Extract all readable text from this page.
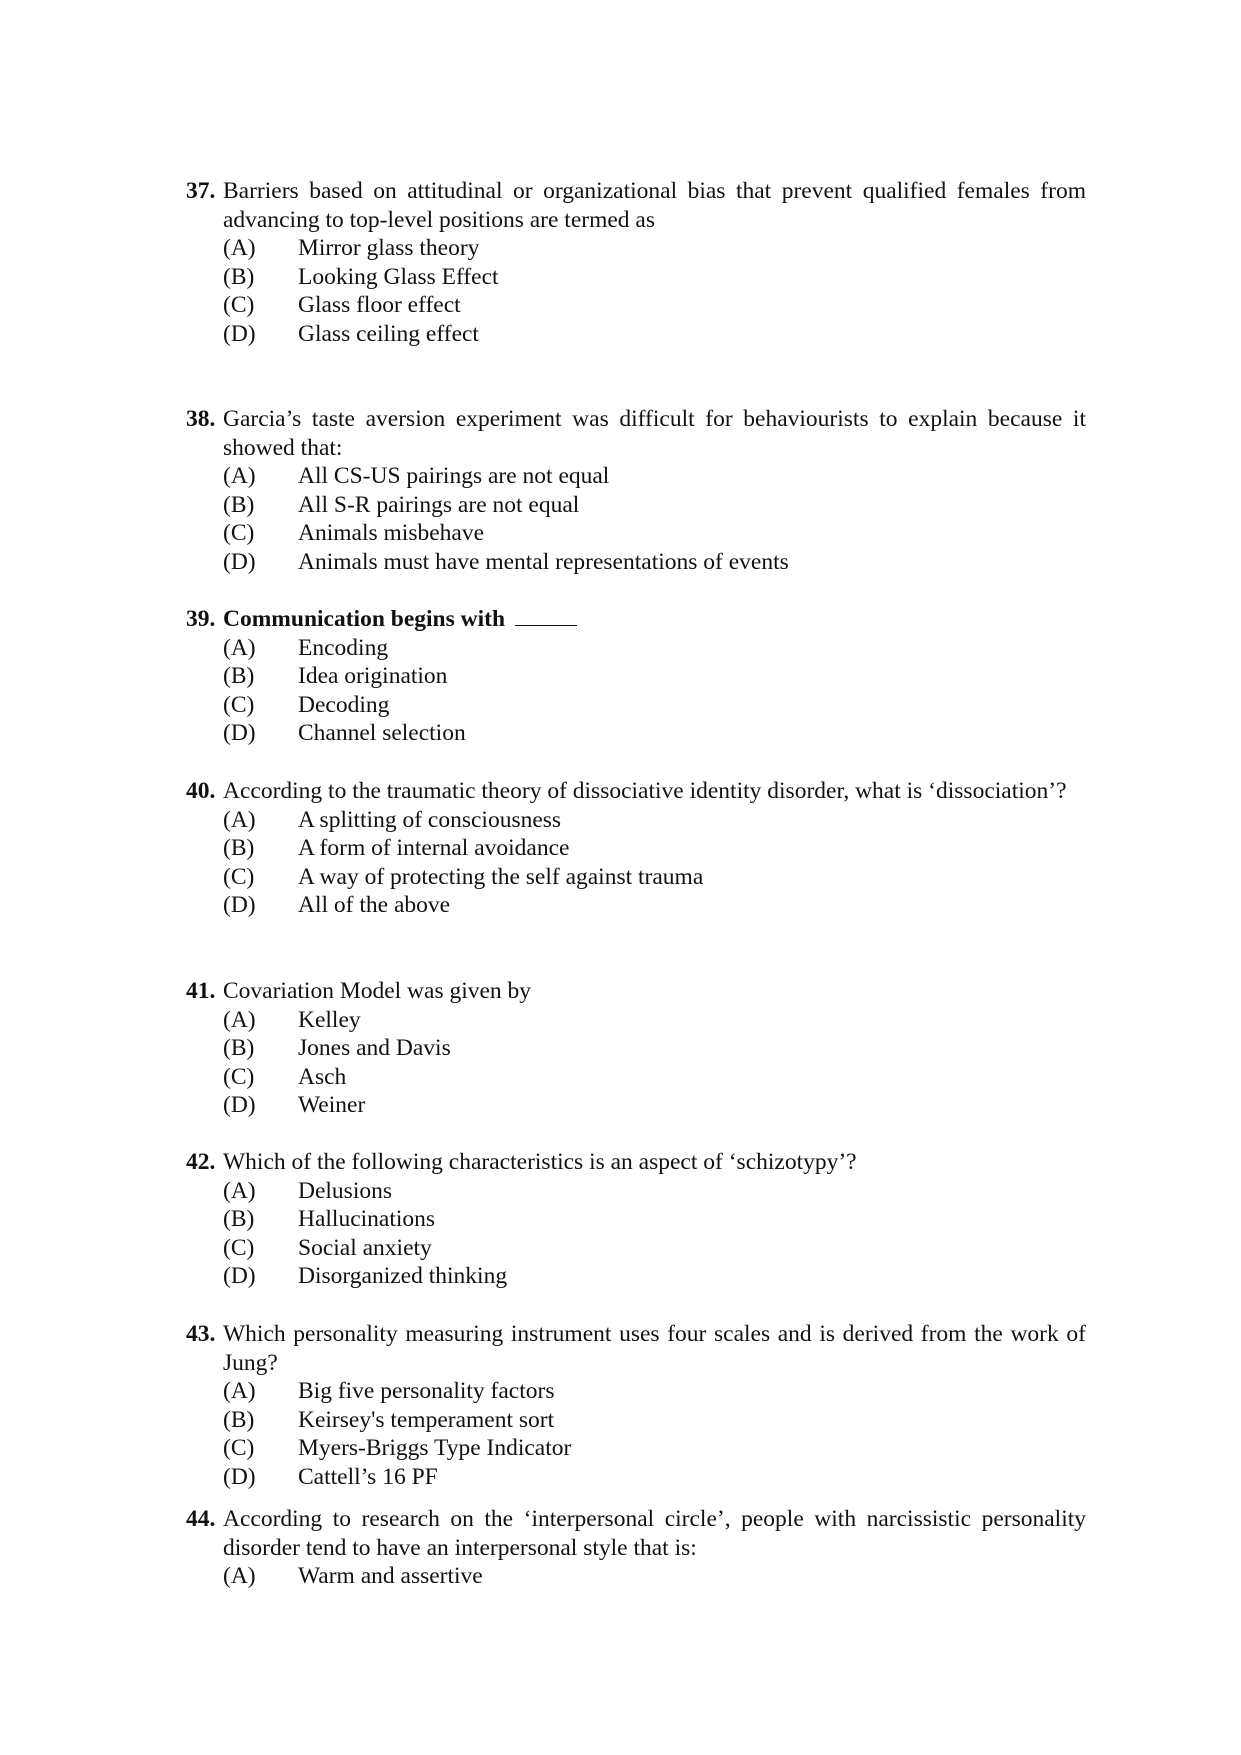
37. Barriers based on attitudinal or organizational bias that prevent qualified females from advancing to top-level positions are termed as
(A) Mirror glass theory
(B) Looking Glass Effect
(C) Glass floor effect
(D) Glass ceiling effect
38. Garcia’s taste aversion experiment was difficult for behaviourists to explain because it showed that:
(A) All CS-US pairings are not equal
(B) All S-R pairings are not equal
(C) Animals misbehave
(D) Animals must have mental representations of events
39. Communication begins with
(A) Encoding
(B) Idea origination
(C) Decoding
(D) Channel selection
40. According to the traumatic theory of dissociative identity disorder, what is ‘dissociation’?
(A) A splitting of consciousness
(B) A form of internal avoidance
(C) A way of protecting the self against trauma
(D) All of the above
41. Covariation Model was given by
(A) Kelley
(B) Jones and Davis
(C) Asch
(D) Weiner
42. Which of the following characteristics is an aspect of ‘schizotypy’?
(A) Delusions
(B) Hallucinations
(C) Social anxiety
(D) Disorganized thinking
43. Which personality measuring instrument uses four scales and is derived from the work of Jung?
(A) Big five personality factors
(B) Keirsey's temperament sort
(C) Myers-Briggs Type Indicator
(D) Cattell’s 16 PF
44. According to research on the ‘interpersonal circle’, people with narcissistic personality disorder tend to have an interpersonal style that is:
(A) Warm and assertive
